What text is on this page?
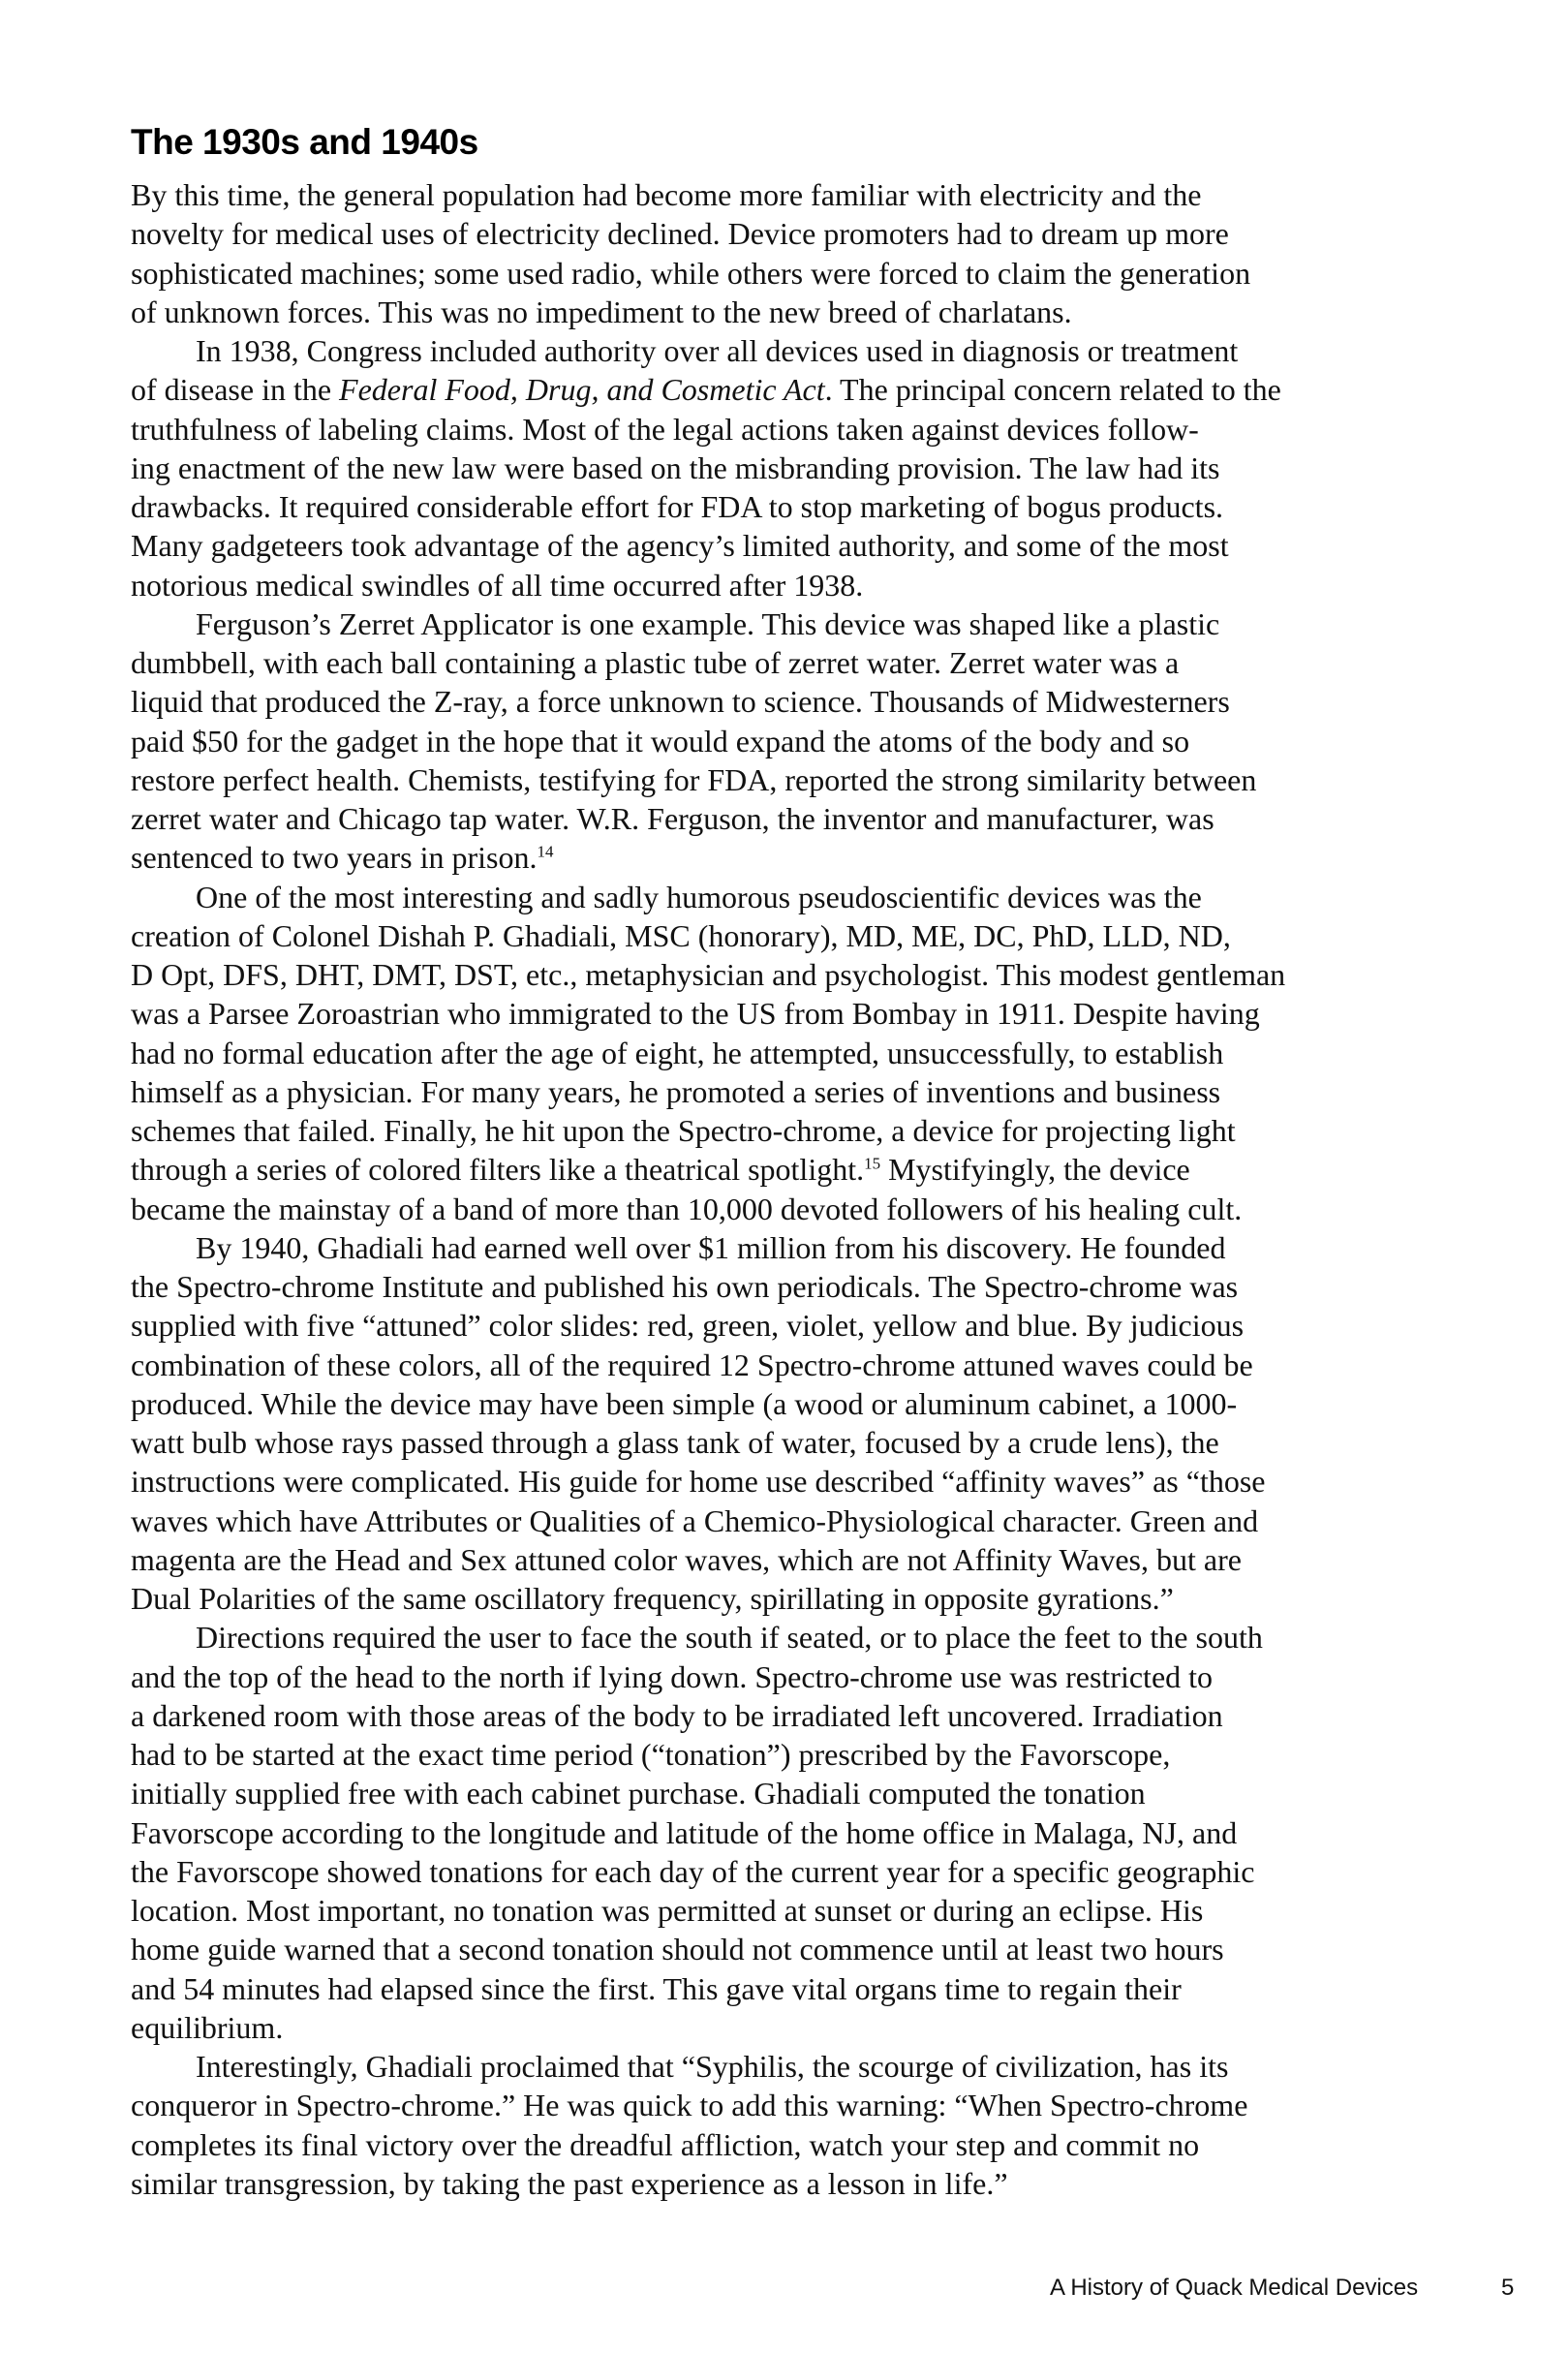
The 1930s and 1940s
By this time, the general population had become more familiar with electricity and the
novelty for medical uses of electricity declined. Device promoters had to dream up more
sophisticated machines; some used radio, while others were forced to claim the generation
of unknown forces. This was no impediment to the new breed of charlatans.
In 1938, Congress included authority over all devices used in diagnosis or treatment
of disease in the Federal Food, Drug, and Cosmetic Act. The principal concern related to the
truthfulness of labeling claims. Most of the legal actions taken against devices follow-
ing enactment of the new law were based on the misbranding provision. The law had its
drawbacks. It required considerable effort for FDA to stop marketing of bogus products.
Many gadgeteers took advantage of the agency’s limited authority, and some of the most
notorious medical swindles of all time occurred after 1938.
Ferguson’s Zerret Applicator is one example. This device was shaped like a plastic
dumbbell, with each ball containing a plastic tube of zerret water. Zerret water was a
liquid that produced the Z-ray, a force unknown to science. Thousands of Midwesterners
paid $50 for the gadget in the hope that it would expand the atoms of the body and so
restore perfect health. Chemists, testifying for FDA, reported the strong similarity between
zerret water and Chicago tap water. W.R. Ferguson, the inventor and manufacturer, was
sentenced to two years in prison.$^{14}$
One of the most interesting and sadly humorous pseudoscientific devices was the
creation of Colonel Dishah P. Ghadiali, MSC (honorary), MD, ME, DC, PhD, LLD, ND,
D Opt, DFS, DHT, DMT, DST, etc., metaphysician and psychologist. This modest gentleman
was a Parsee Zoroastrian who immigrated to the US from Bombay in 1911. Despite having
had no formal education after the age of eight, he attempted, unsuccessfully, to establish
himself as a physician. For many years, he promoted a series of inventions and business
schemes that failed. Finally, he hit upon the Spectro-chrome, a device for projecting light
through a series of colored filters like a theatrical spotlight.$^{15}$ Mystifyingly, the device
became the mainstay of a band of more than 10,000 devoted followers of his healing cult.
By 1940, Ghadiali had earned well over $1 million from his discovery. He founded
the Spectro-chrome Institute and published his own periodicals. The Spectro-chrome was
supplied with five “attuned” color slides: red, green, violet, yellow and blue. By judicious
combination of these colors, all of the required 12 Spectro-chrome attuned waves could be
produced. While the device may have been simple (a wood or aluminum cabinet, a 1000-
watt bulb whose rays passed through a glass tank of water, focused by a crude lens), the
instructions were complicated. His guide for home use described “affinity waves” as “those
waves which have Attributes or Qualities of a Chemico-Physiological character. Green and
magenta are the Head and Sex attuned color waves, which are not Affinity Waves, but are
Dual Polarities of the same oscillatory frequency, spirillating in opposite gyrations.”
Directions required the user to face the south if seated, or to place the feet to the south
and the top of the head to the north if lying down. Spectro-chrome use was restricted to
a darkened room with those areas of the body to be irradiated left uncovered. Irradiation
had to be started at the exact time period (“tonation”) prescribed by the Favorscope,
initially supplied free with each cabinet purchase. Ghadiali computed the tonation
Favorscope according to the longitude and latitude of the home office in Malaga, NJ, and
the Favorscope showed tonations for each day of the current year for a specific geographic
location. Most important, no tonation was permitted at sunset or during an eclipse. His
home guide warned that a second tonation should not commence until at least two hours
and 54 minutes had elapsed since the first. This gave vital organs time to regain their
equilibrium.
Interestingly, Ghadiali proclaimed that “Syphilis, the scourge of civilization, has its
conqueror in Spectro-chrome.” He was quick to add this warning: “When Spectro-chrome
completes its final victory over the dreadful affliction, watch your step and commit no
similar transgression, by taking the past experience as a lesson in life.”
A History of Quack Medical Devices	5
